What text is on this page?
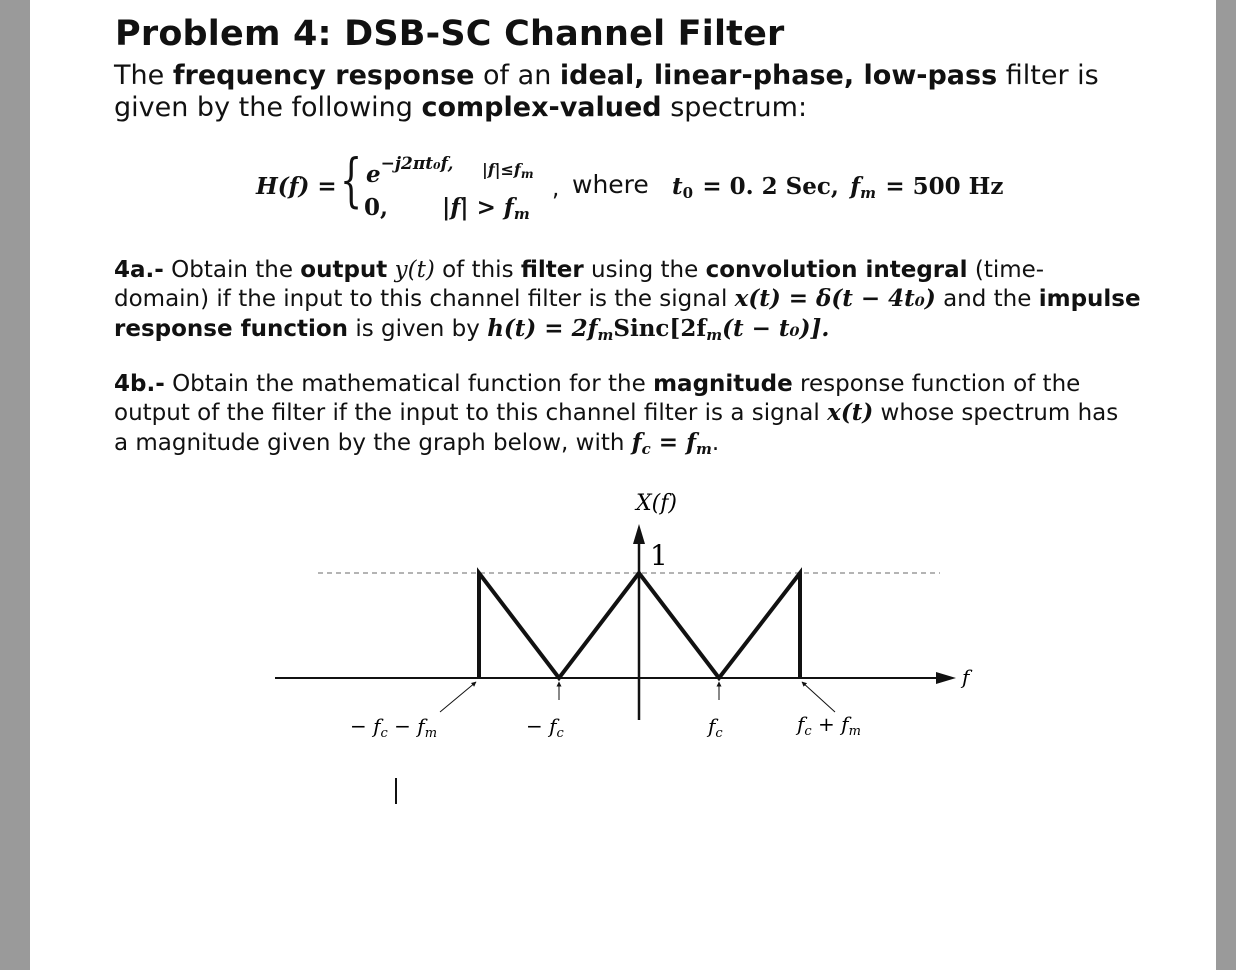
Problem 4: DSB-SC Channel Filter
The frequency response of an ideal, linear-phase, low-pass filter is
given by the following complex-valued spectrum:
H(f) = { $e^{-j2\pi t_0f,}$ |f|≤fm
0, $|f| > f_m$
, where $t_0 = 0$. 2 Sec, $f_m = 500$ Hz
4a.- Obtain the output y(t) of this filter using the convolution integral (time-
domain) if the input to this channel filter is the signal x(t) = δ(t − 4t₀) and the impulse
response function is given by $h(t) = 2f_mSinc[2f_m(t - t_0)]$.
4b.- Obtain the mathematical function for the magnitude response function of the
output of the filter if the input to this channel filter is a signal x(t) whose spectrum has
a magnitude given by the graph below, with $f_c = f_m$.
X(f)
1
f
− $f_c - f_m$	− $f_c$	$f_c$	$f_c + f_m$
